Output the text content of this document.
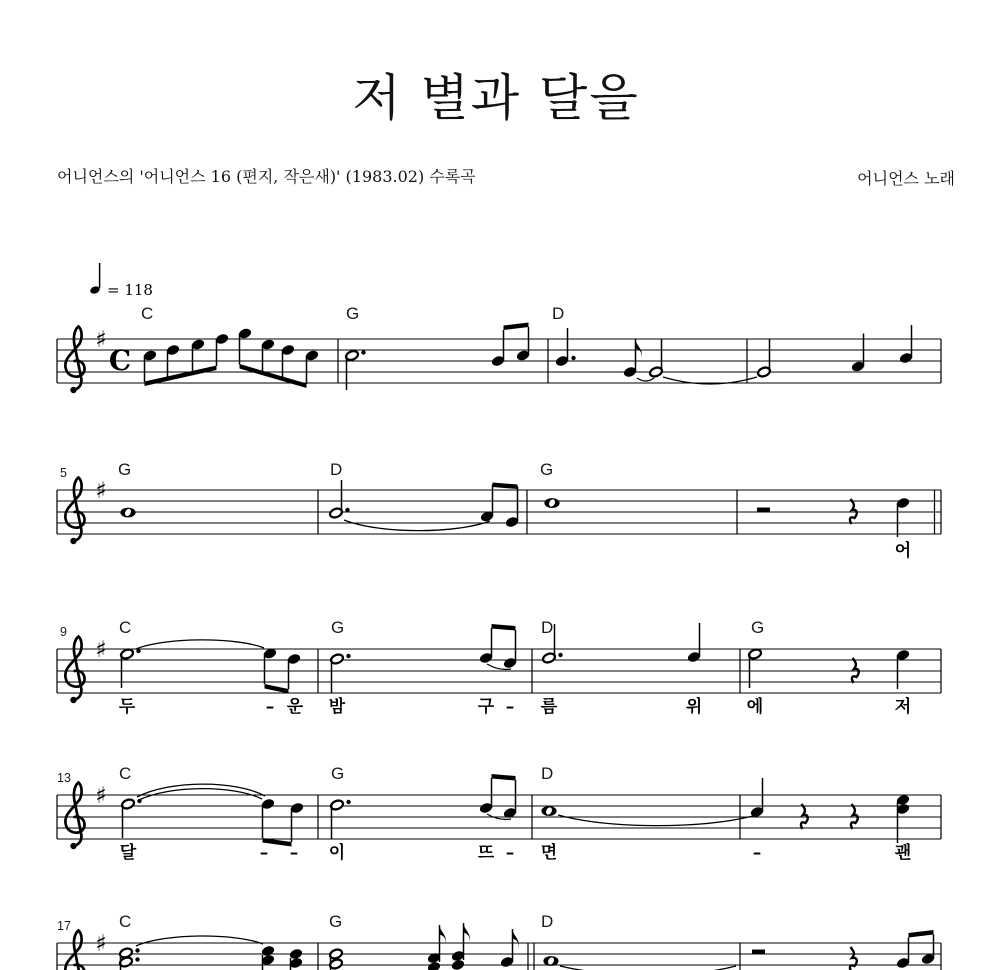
♯
C
= 118
C	G	D
♯
5	G	D	G
어
♯
9	C	G	D	G
두	– 운 밤	구 – 름	위	에	저
♯
13	C	G	D
달	– – 이	뜨 – 면	–	괜
♯
17	C	G	D
저 별과 달을
어니언스의 '어니언스 16 (편지, 작은새)' (1983.02) 수록곡	어니언스 노래
